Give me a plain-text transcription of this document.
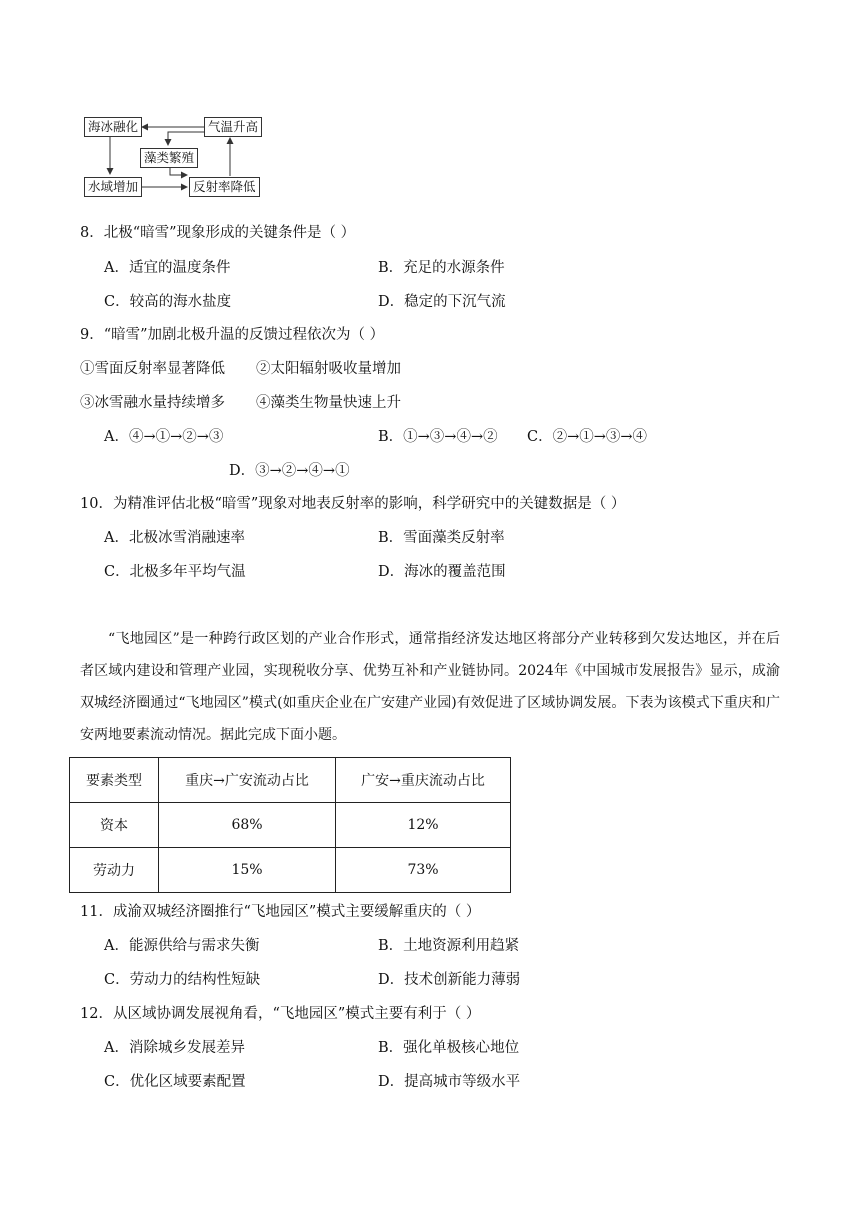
海冰融化	气温升高
藻类繁殖
水域增加	反射率降低
8．北极“暗雪”现象形成的关键条件是（ ）
A．适宜的温度条件	B．充足的水源条件
C．较高的海水盐度	D．稳定的下沉气流
9．“暗雪”加剧北极升温的反馈过程依次为（ ）
①雪面反射率显著降低 ②太阳辐射吸收量增加
③冰雪融水量持续增多 ④藻类生物量快速上升
A．④→①→②→③	B．①→③→④→② C．②→①→③→④
D．③→②→④→①
10．为精准评估北极“暗雪”现象对地表反射率的影响，科学研究中的关键数据是（ ）
A．北极冰雪消融速率	B．雪面藻类反射率
C．北极多年平均气温	D．海冰的覆盖范围
“飞地园区”是一种跨行政区划的产业合作形式，通常指经济发达地区将部分产业转移到欠发达地区，并在后者区域内建设和管理产业园，实现税收分享、优势互补和产业链协同。2024年《中国城市发展报告》显示，成渝双城经济圈通过“飞地园区”模式(如重庆企业在广安建产业园)有效促进了区域协调发展。下表为该模式下重庆和广安两地要素流动情况。据此完成下面小题。
要素类型	重庆→广安流动占比	广安→重庆流动占比
资本	68%	12%
劳动力	15%	73%
11．成渝双城经济圈推行“飞地园区”模式主要缓解重庆的（ ）
A．能源供给与需求失衡	B．土地资源利用趋紧
C．劳动力的结构性短缺	D．技术创新能力薄弱
12．从区域协调发展视角看，“飞地园区”模式主要有利于（ ）
A．消除城乡发展差异	B．强化单极核心地位
C．优化区域要素配置	D．提高城市等级水平
